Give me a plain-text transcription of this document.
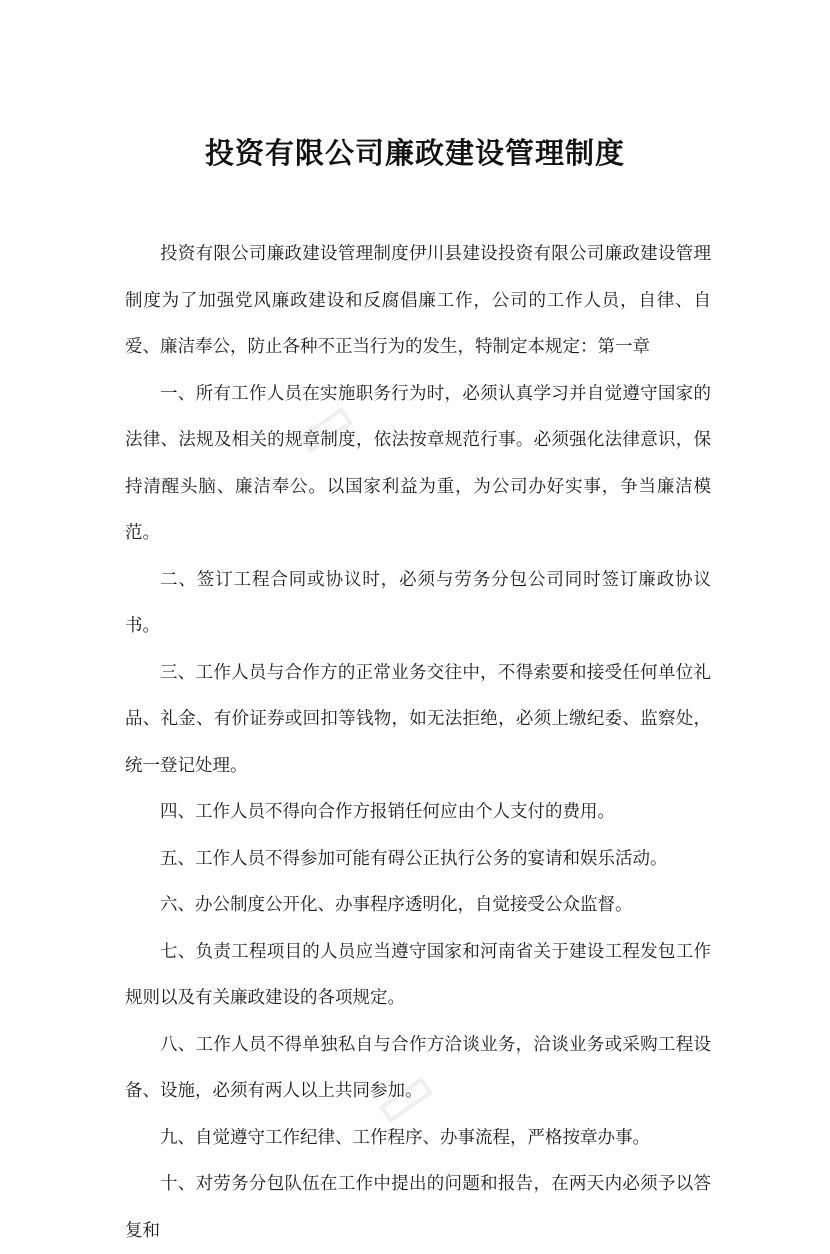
投资有限公司廉政建设管理制度

投资有限公司廉政建设管理制度伊川县建设投资有限公司廉政建设管理制度为了加强党风廉政建设和反腐倡廉工作，公司的工作人员，自律、自爱、廉洁奉公，防止各种不正当行为的发生，特制定本规定：第一章

一、所有工作人员在实施职务行为时，必须认真学习并自觉遵守国家的法律、法规及相关的规章制度，依法按章规范行事。必须强化法律意识，保持清醒头脑、廉洁奉公。以国家利益为重，为公司办好实事，争当廉洁模范。

二、签订工程合同或协议时，必须与劳务分包公司同时签订廉政协议书。

三、工作人员与合作方的正常业务交往中，不得索要和接受任何单位礼品、礼金、有价证券或回扣等钱物，如无法拒绝，必须上缴纪委、监察处，统一登记处理。

四、工作人员不得向合作方报销任何应由个人支付的费用。

五、工作人员不得参加可能有碍公正执行公务的宴请和娱乐活动。

六、办公制度公开化、办事程序透明化，自觉接受公众监督。

七、负责工程项目的人员应当遵守国家和河南省关于建设工程发包工作规则以及有关廉政建设的各项规定。

八、工作人员不得单独私自与合作方洽谈业务，洽谈业务或采购工程设备、设施，必须有两人以上共同参加。

九、自觉遵守工作纪律、工作程序、办事流程，严格按章办事。

十、对劳务分包队伍在工作中提出的问题和报告，在两天内必须予以答复和
